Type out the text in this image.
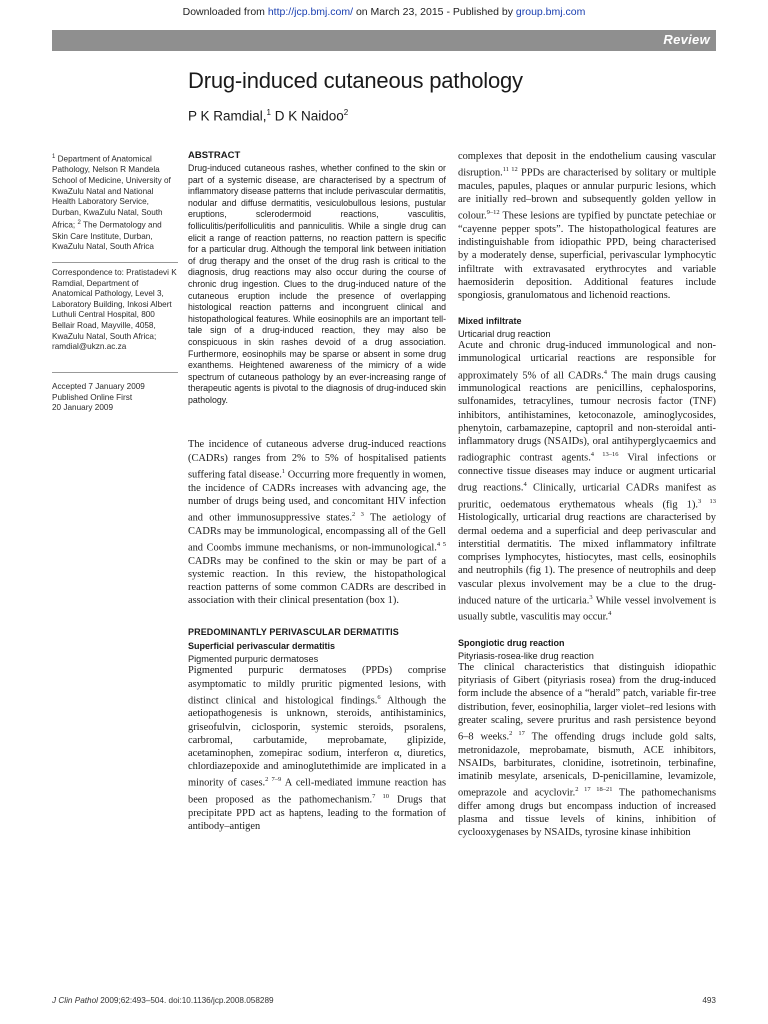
Downloaded from http://jcp.bmj.com/ on March 23, 2015 - Published by group.bmj.com
Review
Drug-induced cutaneous pathology
P K Ramdial,$^1$ D K Naidoo$^2$
$^1$ Department of Anatomical Pathology, Nelson R Mandela School of Medicine, University of KwaZulu Natal and National Health Laboratory Service, Durban, KwaZulu Natal, South Africa; $^2$ The Dermatology and Skin Care Institute, Durban, KwaZulu Natal, South Africa
Correspondence to: Pratistadevi K Ramdial, Department of Anatomical Pathology, Level 3, Laboratory Building, Inkosi Albert Luthuli Central Hospital, 800 Bellair Road, Mayville, 4058, KwaZulu Natal, South Africa; ramdial@ukzn.ac.za
Accepted 7 January 2009
Published Online First
20 January 2009
ABSTRACT

Drug-induced cutaneous rashes, whether confined to the skin or part of a systemic disease, are characterised by a spectrum of inflammatory disease patterns that include perivascular dermatitis, nodular and diffuse dermatitis, vesiculobullous lesions, pustular eruptions, sclerodermoid reactions, vasculitis, folliculitis/perifolliculitis and panniculitis. While a single drug can elicit a range of reaction patterns, no reaction pattern is specific for a particular drug. Although the temporal link between initiation of drug therapy and the onset of the drug rash is critical to the diagnosis, drug reactions may also occur during the course of chronic drug ingestion. Clues to the drug-induced nature of the cutaneous eruption include the presence of overlapping histological reaction patterns and incongruent clinical and histopathological features. While eosinophils are an important tell-tale sign of a drug-induced reaction, they may also be conspicuous in skin rashes devoid of a drug association. Furthermore, eosinophils may be sparse or absent in some drug exanthems. Heightened awareness of the mimicry of a wide spectrum of cutaneous pathology by an ever-increasing range of therapeutic agents is pivotal to the diagnosis of drug-induced skin pathology.

The incidence of cutaneous adverse drug-induced reactions (CADRs) ranges from 2% to 5% of hospitalised patients suffering fatal disease.$^1$ Occurring more frequently in women, the incidence of CADRs increases with advancing age, the number of drugs being used, and concomitant HIV infection and other immunosuppressive states.$^{2 3}$ The aetiology of CADRs may be immunological, encompassing all of the Gell and Coombs immune mechanisms, or non-immunological.$^{4 5}$ CADRs may be confined to the skin or may be part of a systemic reaction. In this review, the histopathological reaction patterns of some common CADRs are described in association with their clinical presentation (box 1).

PREDOMINANTLY PERIVASCULAR DERMATITIS
Superficial perivascular dermatitis
Pigmented purpuric dermatoses

Pigmented purpuric dermatoses (PPDs) comprise asymptomatic to mildly pruritic pigmented lesions, with distinct clinical and histological findings.$^6$ Although the aetiopathogenesis is unknown, steroids, antihistaminics, griseofulvin, ciclosporin, systemic steroids, psoralens, carbromal, carbutamide, meprobamate, glipizide, acetaminophen, zomepirac sodium, interferon α, diuretics, chlordiazepoxide and aminoglutethimide are implicated in a minority of cases.$^{2 7-9}$ A cell-mediated immune reaction has been proposed as the pathomechanism.$^{7 10}$ Drugs that precipitate PPD act as haptens, leading to the formation of antibody–antigen

complexes that deposit in the endothelium causing vascular disruption.$^{11 12}$ PPDs are characterised by solitary or multiple macules, papules, plaques or annular purpuric lesions, which are initially red–brown and subsequently golden yellow in colour.$^{9-12}$ These lesions are typified by punctate petechiae or “cayenne pepper spots”. The histopathological features are indistinguishable from idiopathic PPD, being characterised by a moderately dense, superficial, perivascular lymphocytic infiltrate with extravasated erythrocytes and variable haemosiderin deposition. Additional features include spongiosis, granulomatous and lichenoid reactions.

Mixed infiltrate
Urticarial drug reaction

Acute and chronic drug-induced immunological and non-immunological urticarial reactions are responsible for approximately 5% of all CADRs.$^4$ The main drugs causing immunological reactions are penicillins, cephalosporins, sulfonamides, tetracylines, tumour necrosis factor (TNF) inhibitors, antihistamines, ketoconazole, aminoglycosides, phenytoin, carbamazepine, captopril and non-steroidal anti-inflammatory drugs (NSAIDs), oral antihyperglycaemics and radiographic contrast agents.$^{4 13-16}$ Viral infections or connective tissue diseases may induce or augment urticarial drug reactions.$^4$ Clinically, urticarial CADRs manifest as pruritic, oedematous erythematous wheals (fig 1).$^{3 13}$ Histologically, urticarial drug reactions are characterised by dermal oedema and a superficial and deep perivascular and interstitial dermatitis. The mixed inflammatory infiltrate comprises lymphocytes, histiocytes, mast cells, eosinophils and neutrophils (fig 1). The presence of neutrophils and deep vascular plexus involvement may be a clue to the drug-induced nature of the urticaria.$^3$ While vessel involvement is usually subtle, vasculitis may occur.$^4$

Spongiotic drug reaction
Pityriasis-rosea-like drug reaction

The clinical characteristics that distinguish idiopathic pityriasis of Gibert (pityriasis rosea) from the drug-induced form include the absence of a “herald” patch, variable fir-tree distribution, fever, eosinophilia, larger violet–red lesions with greater scaling, severe pruritus and rash persistence beyond 6–8 weeks.$^{2 17}$ The offending drugs include gold salts, metronidazole, meprobamate, bismuth, ACE inhibitors, NSAIDs, barbiturates, clonidine, isotretinoin, terbinafine, imatinib mesylate, arsenicals, D-penicillamine, levamizole, omeprazole and acyclovir.$^{2 17 18-21}$ The pathomechanisms differ among drugs but encompass induction of increased plasma and tissue levels of kinins, inhibition of cyclooxygenases by NSAIDs, tyrosine kinase inhibition

J Clin Pathol 2009;62:493–504. doi:10.1136/jcp.2008.058289	493
